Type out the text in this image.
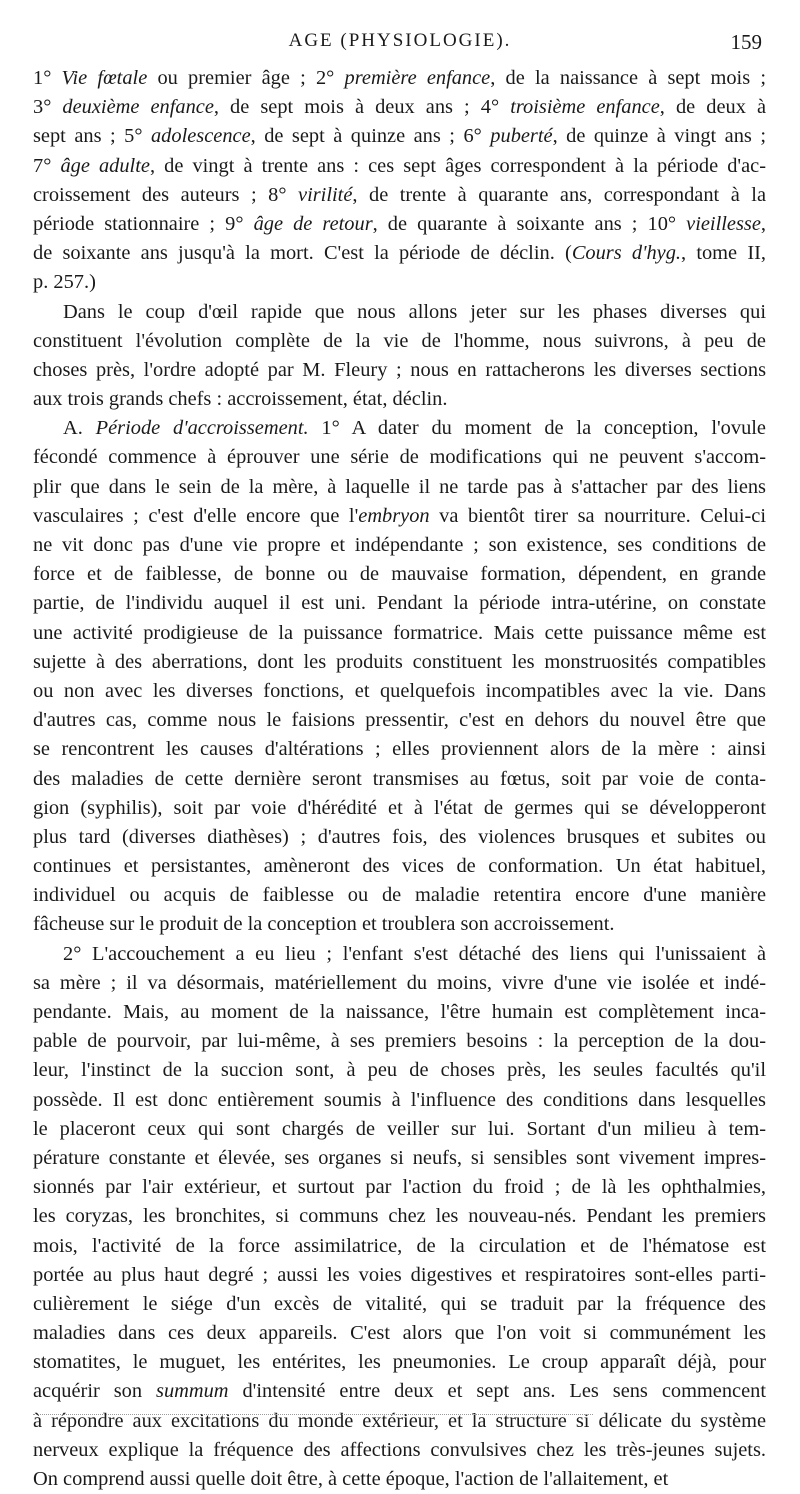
AGE (PHYSIOLOGIE).	159
1° Vie fœtale ou premier âge ; 2° première enfance, de la naissance à sept mois ;
3° deuxième enfance, de sept mois à deux ans ; 4° troisième enfance, de deux à
sept ans ; 5° adolescence, de sept à quinze ans ; 6° puberté, de quinze à vingt ans ;
7° âge adulte, de vingt à trente ans : ces sept âges correspondent à la période d'ac-
croissement des auteurs ; 8° virilité, de trente à quarante ans, correspondant à la
période stationnaire ; 9° âge de retour, de quarante à soixante ans ; 10° vieillesse,
de soixante ans jusqu'à la mort. C'est la période de déclin. (Cours d'hyg., tome II,
p. 257.)
Dans le coup d'œil rapide que nous allons jeter sur les phases diverses qui
constituent l'évolution complète de la vie de l'homme, nous suivrons, à peu de
choses près, l'ordre adopté par M. Fleury ; nous en rattacherons les diverses sections
aux trois grands chefs : accroissement, état, déclin.
A. Période d'accroissement. 1° A dater du moment de la conception, l'ovule
fécondé commence à éprouver une série de modifications qui ne peuvent s'accom-
plir que dans le sein de la mère, à laquelle il ne tarde pas à s'attacher par des liens
vasculaires ; c'est d'elle encore que l'embryon va bientôt tirer sa nourriture. Celui-ci
ne vit donc pas d'une vie propre et indépendante ; son existence, ses conditions de
force et de faiblesse, de bonne ou de mauvaise formation, dépendent, en grande
partie, de l'individu auquel il est uni. Pendant la période intra-utérine, on constate
une activité prodigieuse de la puissance formatrice. Mais cette puissance même est
sujette à des aberrations, dont les produits constituent les monstruosités compatibles
ou non avec les diverses fonctions, et quelquefois incompatibles avec la vie. Dans
d'autres cas, comme nous le faisions pressentir, c'est en dehors du nouvel être que
se rencontrent les causes d'altérations ; elles proviennent alors de la mère : ainsi
des maladies de cette dernière seront transmises au fœtus, soit par voie de conta-
gion (syphilis), soit par voie d'hérédité et à l'état de germes qui se développeront
plus tard (diverses diathèses) ; d'autres fois, des violences brusques et subites ou
continues et persistantes, amèneront des vices de conformation. Un état habituel,
individuel ou acquis de faiblesse ou de maladie retentira encore d'une manière
fâcheuse sur le produit de la conception et troublera son accroissement.
2° L'accouchement a eu lieu ; l'enfant s'est détaché des liens qui l'unissaient à
sa mère ; il va désormais, matériellement du moins, vivre d'une vie isolée et indé-
pendante. Mais, au moment de la naissance, l'être humain est complètement inca-
pable de pourvoir, par lui-même, à ses premiers besoins : la perception de la dou-
leur, l'instinct de la succion sont, à peu de choses près, les seules facultés qu'il
possède. Il est donc entièrement soumis à l'influence des conditions dans lesquelles
le placeront ceux qui sont chargés de veiller sur lui. Sortant d'un milieu à tem-
pérature constante et élevée, ses organes si neufs, si sensibles sont vivement impres-
sionnés par l'air extérieur, et surtout par l'action du froid ; de là les ophthalmies,
les coryzas, les bronchites, si communs chez les nouveau-nés. Pendant les premiers
mois, l'activité de la force assimilatrice, de la circulation et de l'hématose est
portée au plus haut degré ; aussi les voies digestives et respiratoires sont-elles parti-
culièrement le siége d'un excès de vitalité, qui se traduit par la fréquence des
maladies dans ces deux appareils. C'est alors que l'on voit si communément les
stomatites, le muguet, les entérites, les pneumonies. Le croup apparaît déjà, pour
acquérir son summum d'intensité entre deux et sept ans. Les sens commencent
à répondre aux excitations du monde extérieur, et la structure si délicate du système
nerveux explique la fréquence des affections convulsives chez les très-jeunes sujets.
On comprend aussi quelle doit être, à cette époque, l'action de l'allaitement, et
